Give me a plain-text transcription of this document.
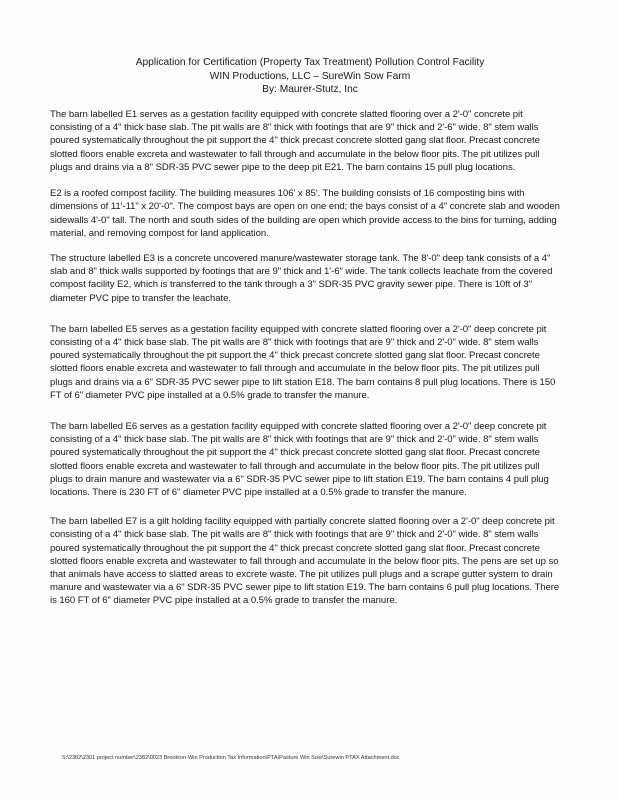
Application for Certification (Property Tax Treatment) Pollution Control Facility
WIN Productions, LLC – SureWin Sow Farm
By: Maurer-Stutz, Inc

The barn labelled E1 serves as a gestation facility equipped with concrete slatted flooring over a 2'-0" concrete pit consisting of a 4" thick base slab. The pit walls are 8" thick with footings that are 9" thick and 2'-6" wide. 8" stem walls poured systematically throughout the pit support the 4" thick precast concrete slotted gang slat floor. Precast concrete slotted floors enable excreta and wastewater to fall through and accumulate in the below floor pits. The pit utilizes pull plugs and drains via a 8" SDR-35 PVC sewer pipe to the deep pit E21. The barn contains 15 pull plug locations.

E2 is a roofed compost facility. The building measures 106' x 85'. The building consists of 16 composting bins with dimensions of 11'-11" x 20'-0". The compost bays are open on one end; the bays consist of a 4" concrete slab and wooden sidewalls 4'-0" tall. The north and south sides of the building are open which provide access to the bins for turning, adding material, and removing compost for land application.

The structure labelled E3 is a concrete uncovered manure/wastewater storage tank. The 8'-0" deep tank consists of a 4" slab and 8" thick walls supported by footings that are 9" thick and 1'-6" wide. The tank collects leachate from the covered compost facility E2, which is transferred to the tank through a 3" SDR-35 PVC gravity sewer pipe. There is 10ft of 3" diameter PVC pipe to transfer the leachate.

The barn labelled E5 serves as a gestation facility equipped with concrete slatted flooring over a 2'-0" deep concrete pit consisting of a 4" thick base slab. The pit walls are 8" thick with footings that are 9" thick and 2'-0" wide. 8" stem walls poured systematically throughout the pit support the 4" thick precast concrete slotted gang slat floor. Precast concrete slotted floors enable excreta and wastewater to fall through and accumulate in the below floor pits. The pit utilizes pull plugs and drains via a 6" SDR-35 PVC sewer pipe to lift station E18. The barn contains 8 pull plug locations. There is 150 FT of 6" diameter PVC pipe installed at a 0.5% grade to transfer the manure.

The barn labelled E6 serves as a gestation facility equipped with concrete slatted flooring over a 2'-0" deep concrete pit consisting of a 4" thick base slab. The pit walls are 8" thick with footings that are 9" thick and 2'-0" wide. 8" stem walls poured systematically throughout the pit support the 4" thick precast concrete slotted gang slat floor. Precast concrete slotted floors enable excreta and wastewater to fall through and accumulate in the below floor pits. The pit utilizes pull plugs to drain manure and wastewater via a 6" SDR-35 PVC sewer pipe to lift station E19. The barn contains 4 pull plug locations. There is 230 FT of 6" diameter PVC pipe installed at a 0.5% grade to transfer the manure.

The barn labelled E7 is a gilt holding facility equipped with partially concrete slatted flooring over a 2'-0" deep concrete pit consisting of a 4" thick base slab. The pit walls are 8" thick with footings that are 9" thick and 2'-0" wide. 8" stem walls poured systematically throughout the pit support the 4" thick precast concrete slotted gang slat floor. Precast concrete slotted floors enable excreta and wastewater to fall through and accumulate in the below floor pits. The pens are set up so that animals have access to slatted areas to excrete waste. The pit utilizes pull plugs and a scrape gutter system to drain manure and wastewater via a 6" SDR-35 PVC sewer pipe to lift station E19. The barn contains 6 pull plug locations. There is 160 FT of 6" diameter PVC pipe installed at a 0.5% grade to transfer the manure.

S:\2382\2301 project number\2382\0023 Brookton-Win Production Tax Information\PTA\Pasture Win Sow\Surewin PTAX Attachment.doc
